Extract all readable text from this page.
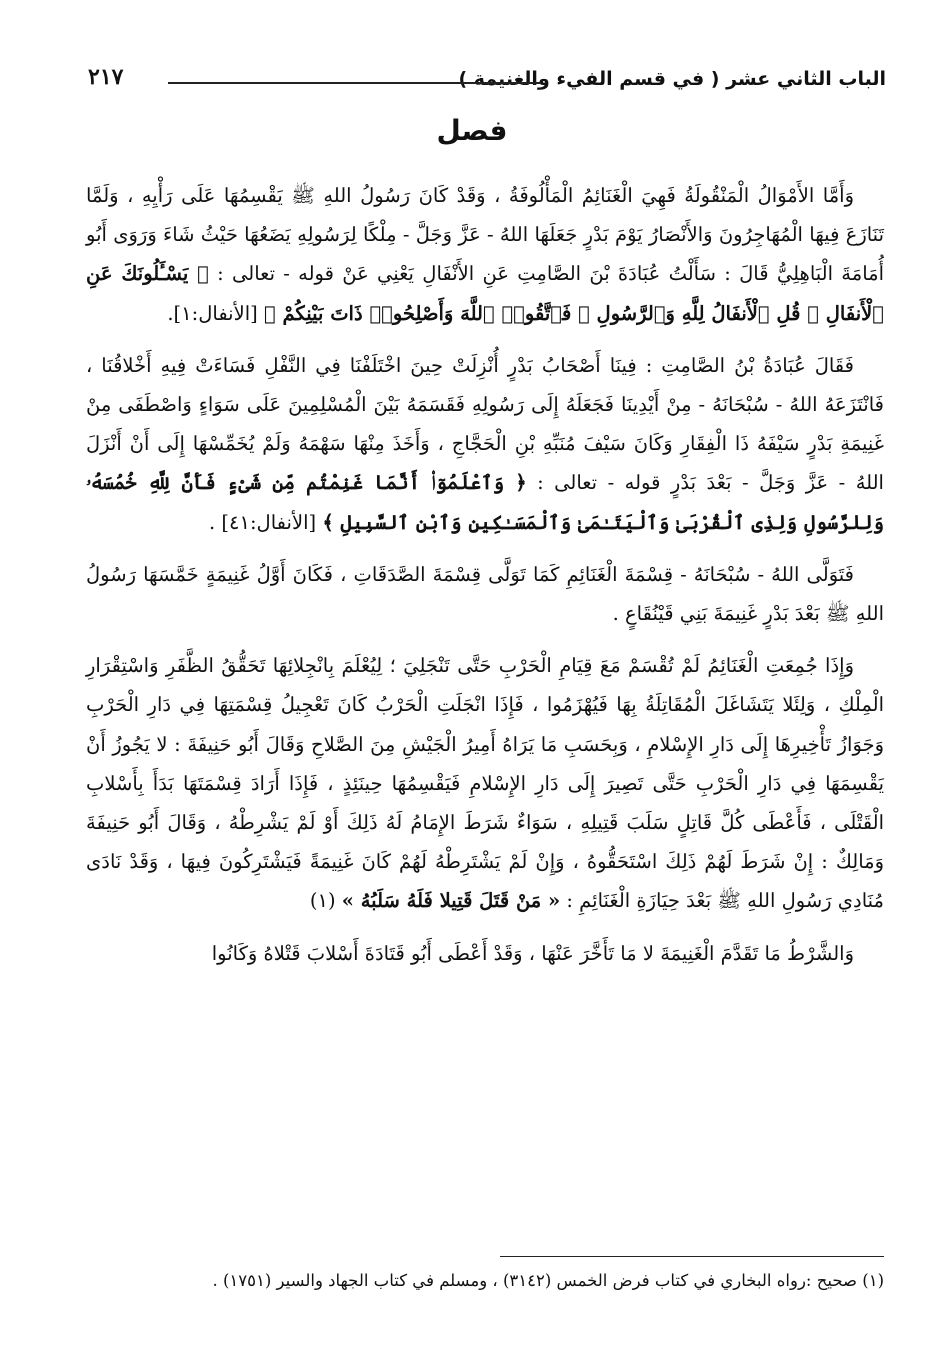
الباب الثاني عشر ( في قسم الفيء والغنيمة )
٢١٧
فصل

وَأَمَّا الأَمْوَالُ الْمَنْقُولَةُ فَهِيَ الْغَنَائِمُ الْمَأْلُوفَةُ ، وَقَدْ كَانَ رَسُولُ اللهِ ﷺ يَقْسِمُهَا عَلَى رَأْيِهِ ، وَلَمَّا تَنَازَعَ فِيهَا الْمُهَاجِرُونَ وَالأَنْصَارُ يَوْمَ بَدْرٍ جَعَلَهَا اللهُ - عَزَّ وَجَلَّ - مِلْكًا لِرَسُولِهِ يَضَعُهَا حَيْثُ شَاءَ وَرَوَى أَبُو أُمَامَةَ الْبَاهِلِيُّ قَالَ : سَأَلْتُ عُبَادَةَ بْنَ الصَّامِتِ عَنِ الأَنْفَالِ يَعْنِي عَنْ قوله - تعالى : ﴿ يَسْـَٔلُونَكَ عَنِ ٱلْأَنفَالِ ۖ قُلِ ٱلْأَنفَالُ لِلَّهِ وَٱلرَّسُولِ ۖ فَٱتَّقُوا۟ ٱللَّهَ وَأَصْلِحُوا۟ ذَاتَ بَيْنِكُمْ ﴾ [الأنفال:١].

فَقَالَ عُبَادَةُ بْنُ الصَّامِتِ : فِينَا أَصْحَابُ بَدْرٍ أُنْزِلَتْ حِينَ اخْتَلَفْنَا فِي النَّفْلِ فَسَاءَتْ فِيهِ أَخْلاقُنَا ، فَانْتَزَعَهُ اللهُ - سُبْحَانَهُ - مِنْ أَيْدِينَا فَجَعَلَهُ إِلَى رَسُولِهِ فَقَسَمَهُ بَيْنَ الْمُسْلِمِينَ عَلَى سَوَاءٍ وَاصْطَفَى مِنْ غَنِيمَةِ بَدْرٍ سَيْفَهُ ذَا الْفِقَارِ وَكَانَ سَيْفَ مُنَبِّهِ بْنِ الْحَجَّاجِ ، وَأَخَذَ مِنْهَا سَهْمَهُ وَلَمْ يُخَمِّسْهَا إِلَى أَنْ أَنْزَلَ اللهُ - عَزَّ وَجَلَّ - بَعْدَ بَدْرٍ قوله - تعالى : ﴿ وَٱعْلَمُوٓا۟ أَنَّمَا غَنِمْتُم مِّن شَىْءٍ فَأَنَّ لِلَّهِ خُمُسَهُۥ وَلِلرَّسُولِ وَلِذِى ٱلْقُرْبَىٰ وَٱلْيَتَـٰمَىٰ وَٱلْمَسَـٰكِينِ وَٱبْنِ ٱلسَّبِيلِ ﴾ [الأنفال:٤١] .

فَتَوَلَّى اللهُ - سُبْحَانَهُ - قِسْمَةَ الْغَنَائِمِ كَمَا تَوَلَّى قِسْمَةَ الصَّدَقَاتِ ، فَكَانَ أَوَّلُ غَنِيمَةٍ خَمَّسَهَا رَسُولُ اللهِ ﷺ بَعْدَ بَدْرٍ غَنِيمَةَ بَنِي قَيْنُقَاعٍ .

وَإِذَا جُمِعَتِ الْغَنَائِمُ لَمْ تُقْسَمْ مَعَ قِيَامِ الْحَرْبِ حَتَّى تَنْجَلِيَ ؛ لِيُعْلَمَ بِانْجِلائِهَا تَحَقُّقُ الظَّفَرِ وَاسْتِقْرَارِ الْمِلْكِ ، وَلِئَلا يَتَشَاغَلَ الْمُقَاتِلَةُ بِهَا فَيُهْزَمُوا ، فَإِذَا انْجَلَتِ الْحَرْبُ كَانَ تَعْجِيلُ قِسْمَتِهَا فِي دَارِ الْحَرْبِ وَجَوَازُ تَأْخِيرِهَا إِلَى دَارِ الإِسْلامِ ، وَبِحَسَبِ مَا يَرَاهُ أَمِيرُ الْجَيْشِ مِنَ الصَّلاحِ وَقَالَ أَبُو حَنِيفَةَ : لا يَجُوزُ أَنْ يَقْسِمَهَا فِي دَارِ الْحَرْبِ حَتَّى تَصِيرَ إِلَى دَارِ الإِسْلامِ فَيَقْسِمُهَا حِينَئِذٍ ، فَإِذَا أَرَادَ قِسْمَتَهَا بَدَأَ بِأَسْلابِ الْقَتْلَى ، فَأَعْطَى كُلَّ قَاتِلٍ سَلَبَ قَتِيلِهِ ، سَوَاءٌ شَرَطَ الإِمَامُ لَهُ ذَلِكَ أَوْ لَمْ يَشْرِطْهُ ، وَقَالَ أَبُو حَنِيفَةَ وَمَالِكٌ : إِنْ شَرَطَ لَهُمْ ذَلِكَ اسْتَحَقُّوهُ ، وَإِنْ لَمْ يَشْتَرِطْهُ لَهُمْ كَانَ غَنِيمَةً فَيَشْتَرِكُونَ فِيهَا ، وَقَدْ نَادَى مُنَادِي رَسُولِ اللهِ ﷺ بَعْدَ حِيَازَةِ الْغَنَائِمِ : « مَنْ قَتَلَ قَتِيلا فَلَهُ سَلَبُهُ » (١)

وَالشَّرْطُ مَا تَقَدَّمَ الْغَنِيمَةَ لا مَا تَأَخَّرَ عَنْهَا ، وَقَدْ أَعْطَى أَبُو قَتَادَةَ أَسْلابَ قَتْلاهُ وَكَانُوا

(١) صحيح :رواه البخاري في كتاب فرض الخمس (٣١٤٢) ، ومسلم في كتاب الجهاد والسير (١٧٥١) .
